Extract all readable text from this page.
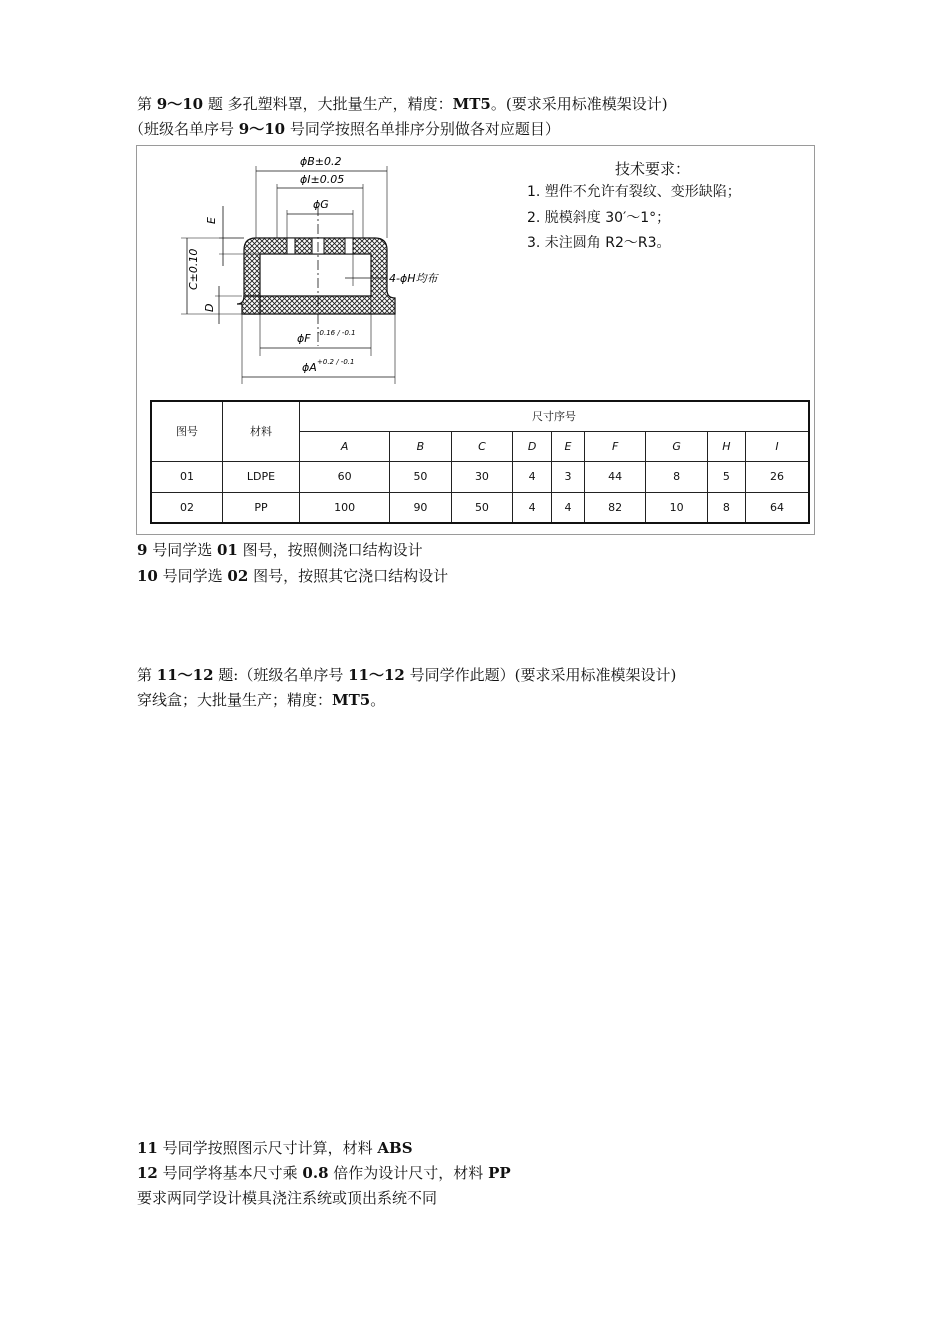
第 9～10 题 多孔塑料罩，大批量生产，精度：MT5。(要求采用标准模架设计)
（班级名单序号 9～10 号同学按照名单排序分别做各对应题目）
ϕB±0.2
ϕI±0.05
ϕG
E
C±0.10
D
4-ϕH均布
ϕF -0.16 / -0.1
ϕA +0.2 / -0.1
技术要求：
1. 塑件不允许有裂纹、变形缺陷；
2. 脱模斜度 30′～1°；
3. 未注圆角 R2～R3。
图号	材料	尺寸序号								
		A	B	C	D	E	F	G	H	I
01	LDPE	60	50	30	4	3	44	8	5	26
02	PP	100	90	50	4	4	82	10	8	64
9 号同学选 01 图号，按照侧浇口结构设计
10 号同学选 02 图号，按照其它浇口结构设计
第 11～12 题:（班级名单序号 11～12 号同学作此题）(要求采用标准模架设计)
穿线盒；大批量生产；精度：MT5。
11 号同学按照图示尺寸计算，材料 ABS
12 号同学将基本尺寸乘 0.8 倍作为设计尺寸，材料 PP
要求两同学设计模具浇注系统或顶出系统不同
